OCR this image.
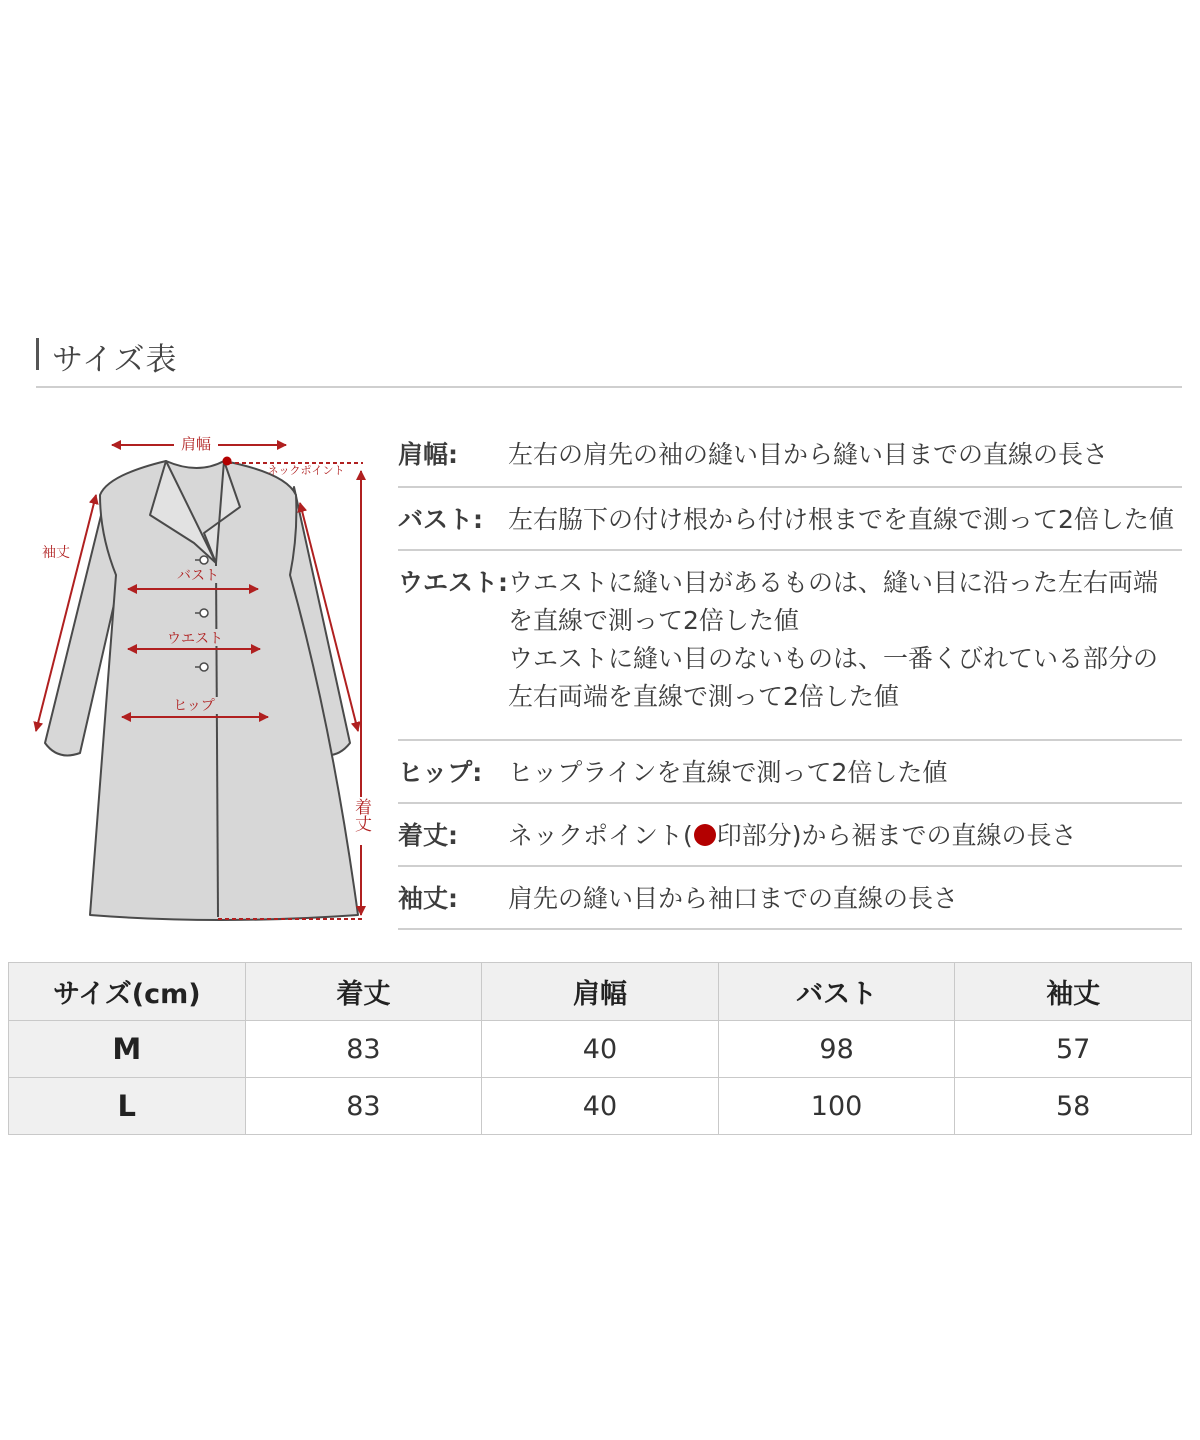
サイズ表
肩幅
ネックポイント
袖丈
バスト
ウエスト
ヒップ
着丈
肩幅:	左右の肩先の袖の縫い目から縫い目までの直線の長さ
バスト:	左右脇下の付け根から付け根までを直線で測って2倍した値
ウエスト: ウエストに縫い目があるものは、縫い目に沿った左右両端
を直線で測って2倍した値
ウエストに縫い目のないものは、一番くびれている部分の
左右両端を直線で測って2倍した値
ヒップ:	ヒップラインを直線で測って2倍した値
着丈:	ネックポイント( 印部分)から裾までの直線の長さ
袖丈:	肩先の縫い目から袖口までの直線の長さ
サイズ(cm)	着丈	肩幅	バスト	袖丈
M	83	40	98	57
L	83	40	100	58
